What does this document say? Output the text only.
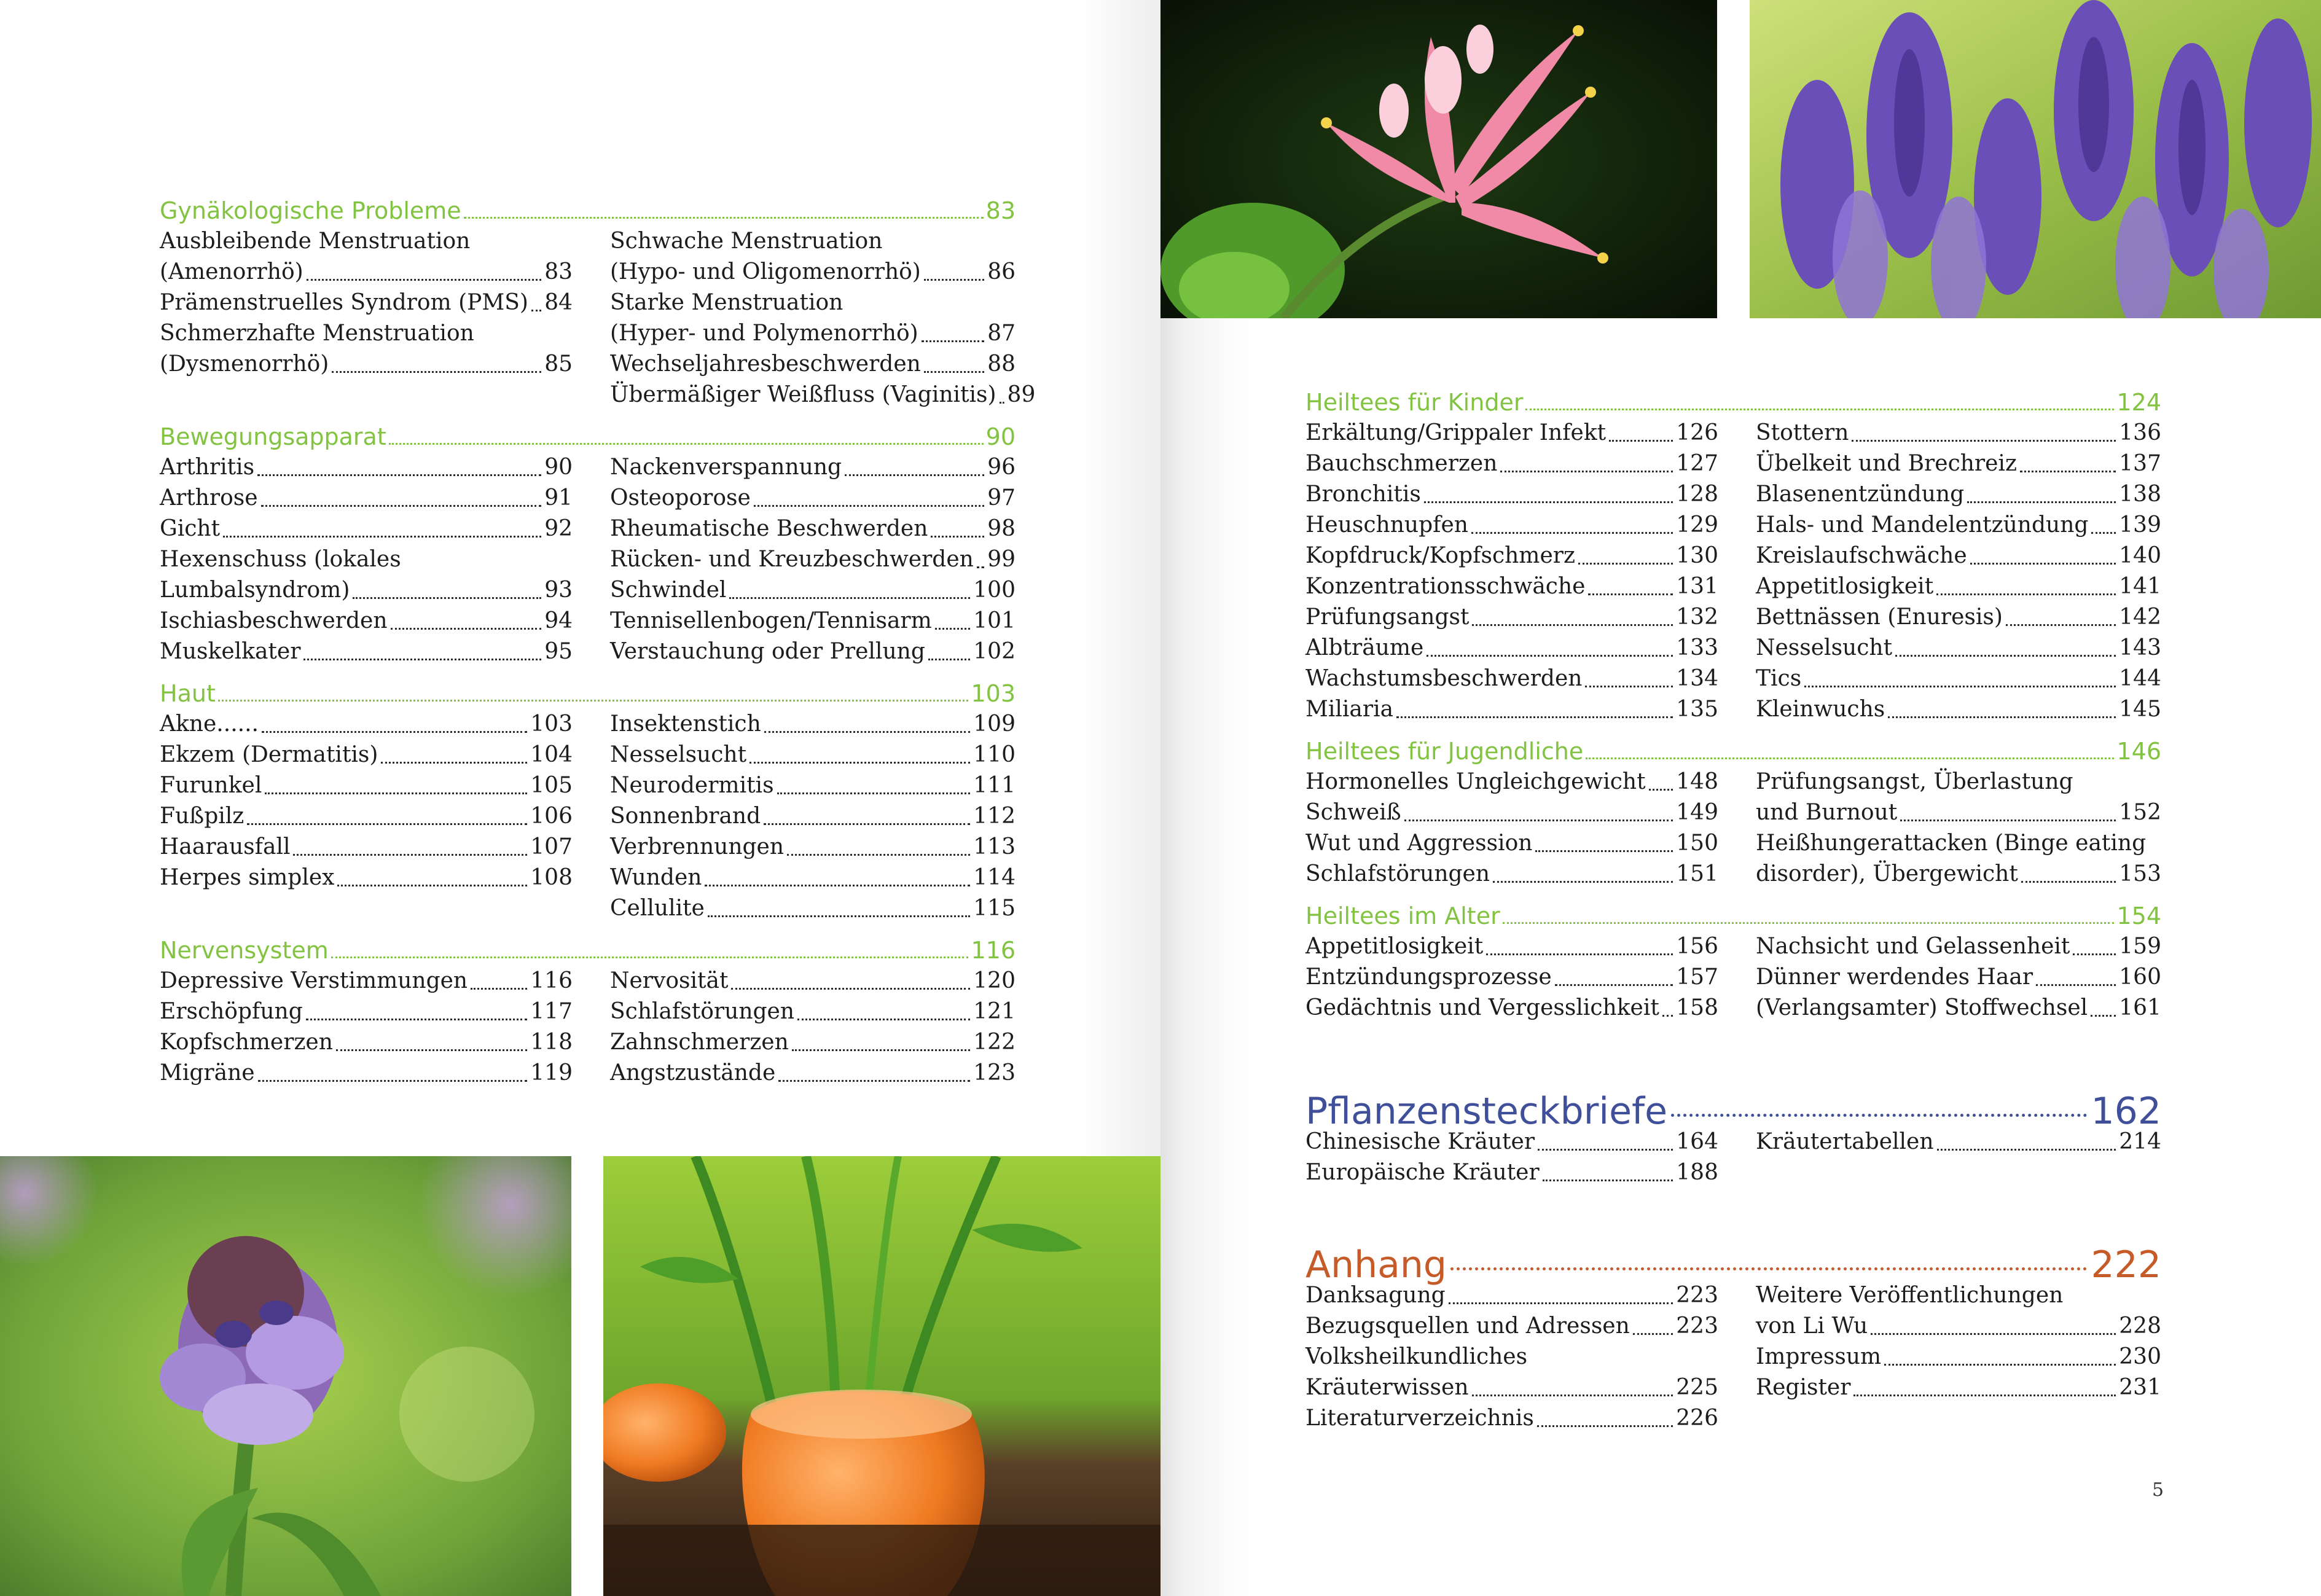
Gynäkologische Probleme	83
Ausbleibende Menstruation
(Amenorrhö)	83
Prämenstruelles Syndrom (PMS) 84
Schmerzhafte Menstruation
(Dysmenorrhö)	85
Schwache Menstruation
(Hypo- und Oligomenorrhö)	86
Starke Menstruation
(Hyper- und Polymenorrhö)	87
Wechseljahresbeschwerden	88
Übermäßiger Weißfluss (Vaginitis) 89
Bewegungsapparat	90
Arthritis	90
Arthrose	91
Gicht	92
Hexenschuss (lokales
Lumbalsyndrom)	93
Ischiasbeschwerden	94
Muskelkater	95
Nackenverspannung	96
Osteoporose	97
Rheumatische Beschwerden	98
Rücken- und Kreuzbeschwerden 99
Schwindel	100
Tennisellenbogen/Tennisarm 101
Verstauchung oder Prellung 102
Haut	103
Akne......	103
Ekzem (Dermatitis)	104
Furunkel	105
Fußpilz	106
Haarausfall	107
Herpes simplex	108
Insektenstich	109
Nesselsucht	110
Neurodermitis	111
Sonnenbrand	112
Verbrennungen	113
Wunden	114
Cellulite	115
Nervensystem	116
Depressive Verstimmungen	116
Erschöpfung	117
Kopfschmerzen	118
Migräne	119
Nervosität	120
Schlafstörungen	121
Zahnschmerzen	122
Angstzustände	123
Heiltees für Kinder	124
Erkältung/Grippaler Infekt	126
Bauchschmerzen	127
Bronchitis	128
Heuschnupfen	129
Kopfdruck/Kopfschmerz	130
Konzentrationsschwäche	131
Prüfungsangst	132
Albträume	133
Wachstumsbeschwerden	134
Miliaria	135
Stottern	136
Übelkeit und Brechreiz	137
Blasenentzündung	138
Hals- und Mandelentzündung 139
Kreislaufschwäche	140
Appetitlosigkeit	141
Bettnässen (Enuresis)	142
Nesselsucht	143
Tics	144
Kleinwuchs	145
Heiltees für Jugendliche	146
Hormonelles Ungleichgewicht 148
Schweiß	149
Wut und Aggression	150
Schlafstörungen	151
Prüfungsangst, Überlastung
und Burnout	152
Heißhungerattacken (Binge eating
disorder), Übergewicht	153
Heiltees im Alter	154
Appetitlosigkeit	156
Entzündungsprozesse	157
Gedächtnis und Vergesslichkeit 158
Nachsicht und Gelassenheit 159
Dünner werdendes Haar	160
(Verlangsamter) Stoffwechsel 161
Pflanzensteckbriefe	162
Chinesische Kräuter	164
Europäische Kräuter	188
Kräutertabellen	214
Anhang	222
Danksagung	223
Bezugsquellen und Adressen 223
Volksheilkundliches
Kräuterwissen	225
Literaturverzeichnis	226
Weitere Veröffentlichungen
von Li Wu	228
Impressum	230
Register	231
5
